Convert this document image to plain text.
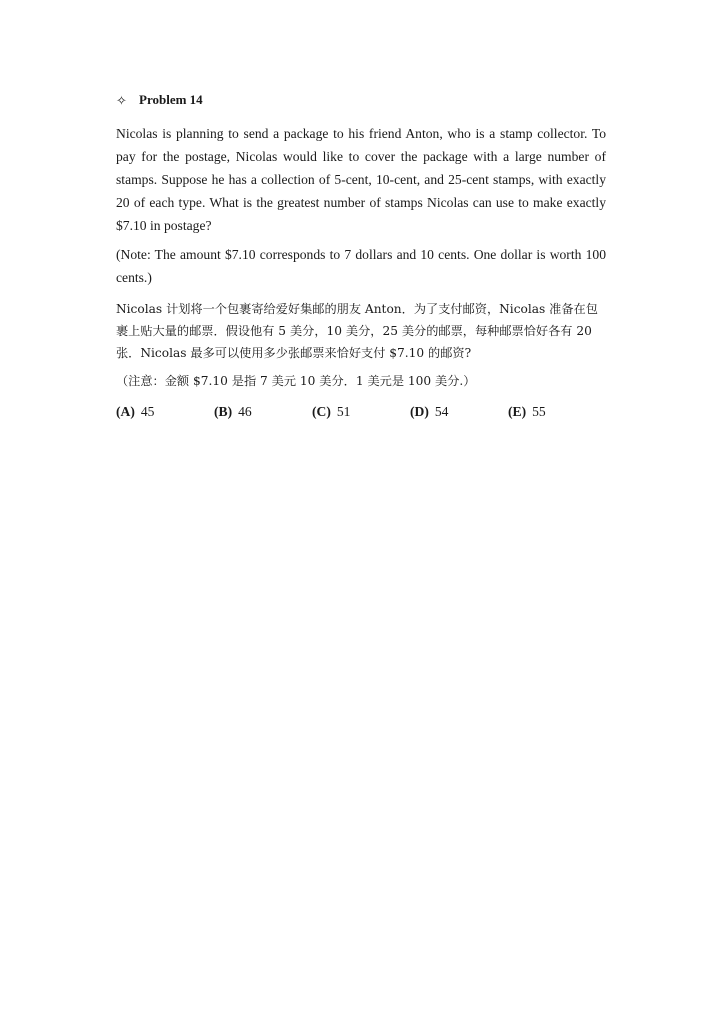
✧ Problem 14

Nicolas is planning to send a package to his friend Anton, who is a stamp collector. To pay for the postage, Nicolas would like to cover the package with a large number of stamps. Suppose he has a collection of 5-cent, 10-cent, and 25-cent stamps, with exactly 20 of each type. What is the greatest number of stamps Nicolas can use to make exactly $7.10 in postage?

(Note: The amount $7.10 corresponds to 7 dollars and 10 cents. One dollar is worth 100 cents.)

Nicolas 计划将一个包裹寄给爱好集邮的朋友 Anton．为了支付邮资，Nicolas 准备在包裹上贴大量的邮票．假设他有 5 美分，10 美分，25 美分的邮票，每种邮票恰好各有 20 张．Nicolas 最多可以使用多少张邮票来恰好支付 $7.10 的邮资?

（注意：金额 $7.10 是指 7 美元 10 美分．1 美元是 100 美分.）

(A) 45	(B) 46	(C) 51	(D) 54	(E) 55
